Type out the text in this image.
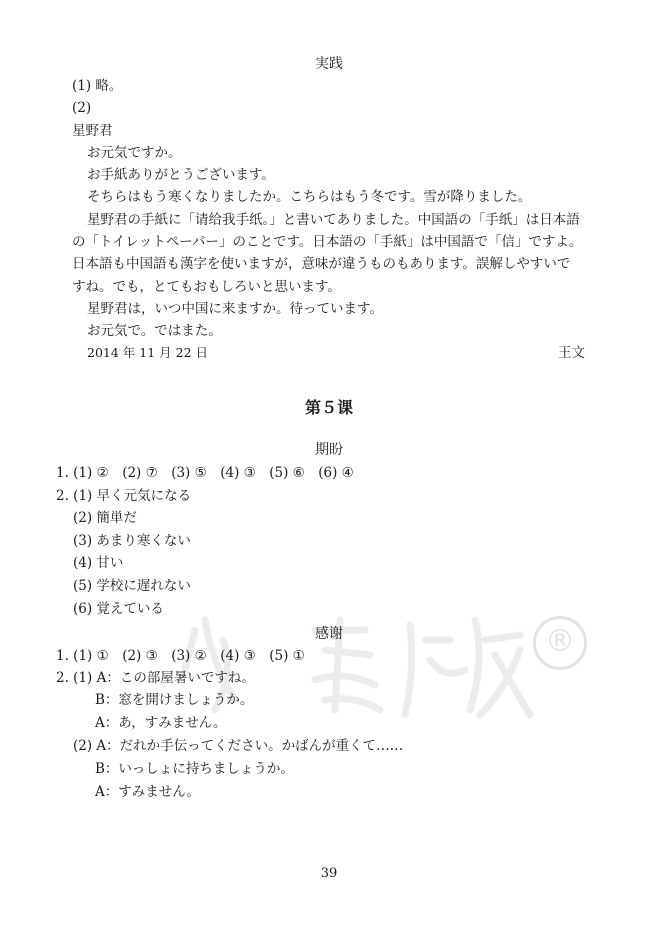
実践
(1) 略。
(2)
星野君
お元気ですか。
お手紙ありがとうございます。
そちらはもう寒くなりましたか。こちらはもう冬です。雪が降りました。
星野君の手紙に「请给我手纸。」と書いてありました。中国語の「手纸」は日本語
の「トイレットペーパー」のことです。日本語の「手紙」は中国語で「信」ですよ。
日本語も中国語も漢字を使いますが，意味が違うものもあります。誤解しやすいで
すね。でも，とてもおもしろいと思います。
星野君は，いつ中国に来ますか。待っています。
お元気で。ではまた。
2014 年 11 月 22 日	王文
第５课
期盼
1. (1) ②　(2) ⑦　(3) ⑤　(4) ③　(5) ⑥　(6) ④
2. (1) 早く元気になる
(2) 簡単だ
(3) あまり寒くない
(4) 甘い
(5) 学校に遅れない
(6) 覚えている
®
感谢
1. (1) ①　(2) ③　(3) ②　(4) ③　(5) ①
2. (1) A：この部屋暑いですね。
B：窓を開けましょうか。
A：あ，すみません。
(2) A：だれか手伝ってください。かばんが重くて……
B：いっしょに持ちましょうか。
A：すみません。
39
